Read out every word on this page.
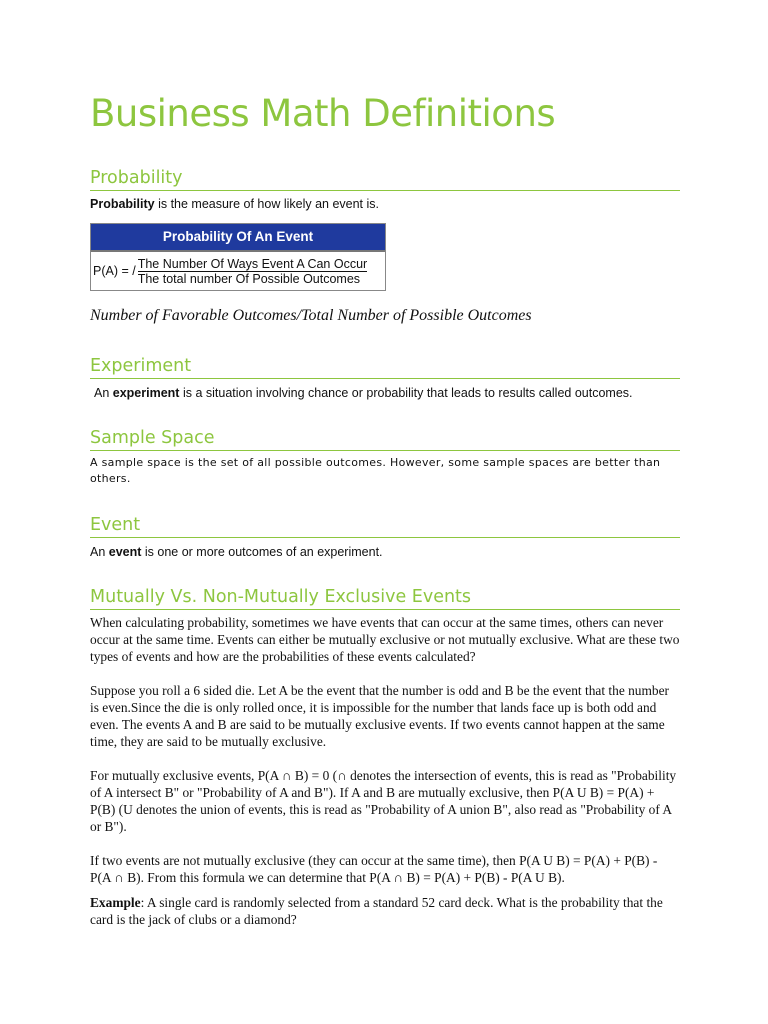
Business Math Definitions
Probability

Probability is the measure of how likely an event is.

Probability Of An Event
P(A) = / $\frac{\text{The Number Of Ways Event A Can Occur}}{\text{The total number Of Possible Outcomes}}$

Number of Favorable Outcomes/Total Number of Possible Outcomes

Experiment

An experiment is a situation involving chance or probability that leads to results called outcomes.

Sample Space

A sample space is the set of all possible outcomes. However, some sample spaces are better than others.

Event

An event is one or more outcomes of an experiment.

Mutually Vs. Non-Mutually Exclusive Events

When calculating probability, sometimes we have events that can occur at the same times, others can never occur at the same time. Events can either be mutually exclusive or not mutually exclusive. What are these two types of events and how are the probabilities of these events calculated?

Suppose you roll a 6 sided die. Let A be the event that the number is odd and B be the event that the number is even.Since the die is only rolled once, it is impossible for the number that lands face up is both odd and even. The events A and B are said to be mutually exclusive events. If two events cannot happen at the same time, they are said to be mutually exclusive.

For mutually exclusive events, P(A ∩ B) = 0 (∩ denotes the intersection of events, this is read as "Probability of A intersect B" or "Probability of A and B"). If A and B are mutually exclusive, then P(A U B) = P(A) + P(B) (U denotes the union of events, this is read as "Probability of A union B", also read as "Probability of A or B").

If two events are not mutually exclusive (they can occur at the same time), then P(A U B) = P(A) + P(B) - P(A ∩ B). From this formula we can determine that P(A ∩ B) = P(A) + P(B) - P(A U B).

Example: A single card is randomly selected from a standard 52 card deck. What is the probability that the card is the jack of clubs or a diamond?
